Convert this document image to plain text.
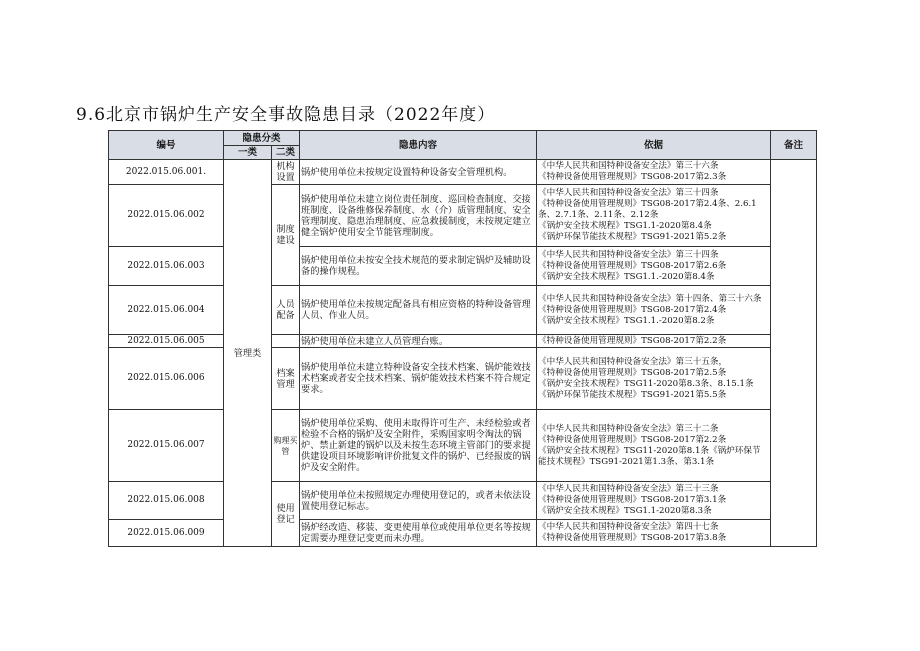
9.6北京市锅炉生产安全事故隐患目录（2022年度）
编号	隐患分类		隐患内容	依据	备注
	一类	二类			
2022.015.06.001.	管理类	机构设置	锅炉使用单位未按规定设置特种设备安全管理机构。	《中华人民共和国特种设备安全法》第三十六条
《特种设备使用管理规则》TSG08-2017第2.3条	
2022.015.06.002		制度建设	锅炉使用单位未建立岗位责任制度、巡回检查制度、交接班制度、设备维修保养制度、水（介）质管理制度、安全管理制度、隐患治理制度、应急救援制度，未按规定建立健全锅炉使用安全节能管理制度。	《中华人民共和国特种设备安全法》第三十四条
《特种设备使用管理规则》TSG08-2017第2.4条、2.6.1条、2.7.1条、2.11条、2.12条
《锅炉安全技术规程》TSG1.1-2020第8.4条
《锅炉环保节能技术规程》TSG91-2021第5.2条	
2022.015.06.003			锅炉使用单位未按安全技术规范的要求制定锅炉及辅助设备的操作规程。	《中华人民共和国特种设备安全法》第三十四条
《特种设备使用管理规则》TSG08-2017第2.6条
《锅炉安全技术规程》TSG1.1.-2020第8.4条	
2022.015.06.004		人员配备	锅炉使用单位未按规定配备具有相应资格的特种设备管理人员、作业人员。	《中华人民共和国特种设备安全法》第十四条、第三十六条
《特种设备使用管理规则》TSG08-2017第2.4条
《锅炉安全技术规程》TSG1.1.-2020第8.2条	
2022.015.06.005			锅炉使用单位未建立人员管理台账。	《特种设备使用管理规则》TSG08-2017第2.2条	
2022.015.06.006		档案管理	锅炉使用单位未建立特种设备安全技术档案、锅炉能效技术档案或者安全技术档案、锅炉能效技术档案不符合规定要求。	《中华人民共和国特种设备安全法》第三十五条，
《特种设备使用管理规则》TSG08-2017第2.5条
《锅炉安全技术规程》TSG11-2020第8.3条、8.15.1条
《锅炉环保节能技术规程》TSG91-2021第5.5条	
2022.015.06.007		购理买管	锅炉使用单位采购、使用未取得许可生产、未经检验或者检验不合格的锅炉及安全附件，采购国家明令淘汰的锅炉、禁止新建的锅炉以及未按生态环境主管部门的要求提供建设项目环境影响评价批复文件的锅炉、已经报废的锅炉及安全附件。	《中华人民共和国特种设备安全法》第三十二条
《特种设备使用管理规则》TSG08-2017第2.2条
《锅炉安全技术规程》TSG11-2020第8.1条《锅炉环保节能技术规程》TSG91-2021第1.3条、第3.1条	
2022.015.06.008		使用登记	锅炉使用单位未按照规定办理使用登记的，或者未依法设置使用登记标志。	《中华人民共和国特种设备安全法》第三十三条
《特种设备使用管理规则》TSG08-2017第3.1条
《锅炉安全技术规程》TSG1.1-2020第8.3条	
2022.015.06.009			锅炉经改造、移装、变更使用单位或使用单位更名等按规定需要办理登记变更而未办理。	《中华人民共和国特种设备安全法》第四十七条
《特种设备使用管理规则》TSG08-2017第3.8条	
